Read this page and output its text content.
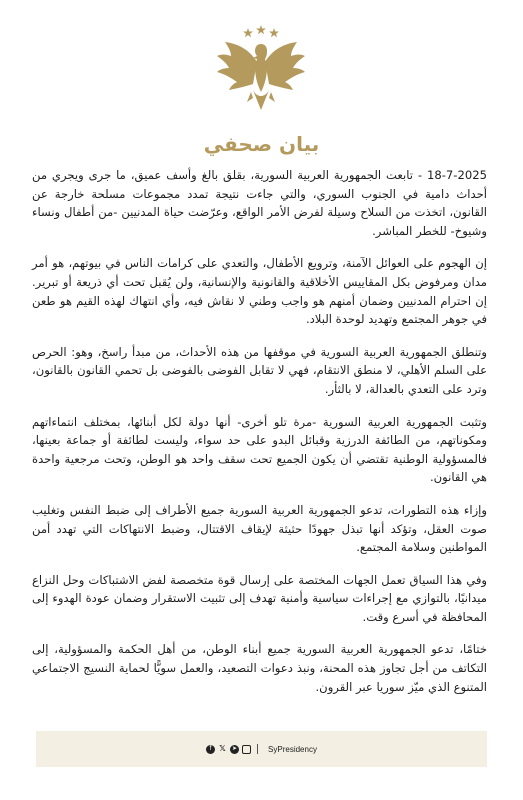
بيان صحفي

18-7-2025 - تابعت الجمهورية العربية السورية، بقلق بالغ وأسف عميق، ما جرى ويجري من أحداث دامية في الجنوب السوري، والتي جاءت نتيجة تمدد مجموعات مسلحة خارجة عن القانون، اتخذت من السلاح وسيلة لفرض الأمر الواقع، وعرّضت حياة المدنيين -من أطفال ونساء وشيوخ- للخطر المباشر.

إن الهجوم على العوائل الآمنة، وترويع الأطفال، والتعدي على كرامات الناس في بيوتهم، هو أمر مدان ومرفوض بكل المقاييس الأخلاقية والقانونية والإنسانية، ولن يُقبل تحت أي ذريعة أو تبرير. إن احترام المدنيين وضمان أمنهم هو واجب وطني لا نقاش فيه، وأي انتهاك لهذه القيم هو طعن في جوهر المجتمع وتهديد لوحدة البلاد.

وتنطلق الجمهورية العربية السورية في موقفها من هذه الأحداث، من مبدأ راسخ، وهو: الحرص على السلم الأهلي، لا منطق الانتقام، فهي لا تقابل الفوضى بالفوضى بل تحمي القانون بالقانون، وترد على التعدي بالعدالة، لا بالثأر.

وتثبت الجمهورية العربية السورية -مرة تلو أخرى- أنها دولة لكل أبنائها، بمختلف انتماءاتهم ومكوناتهم، من الطائفة الدرزية وقبائل البدو على حد سواء، وليست لطائفة أو جماعة بعينها، فالمسؤولية الوطنية تقتضي أن يكون الجميع تحت سقف واحد هو الوطن، وتحت مرجعية واحدة هي القانون.

وإزاء هذه التطورات، تدعو الجمهورية العربية السورية جميع الأطراف إلى ضبط النفس وتغليب صوت العقل، وتؤكد أنها تبذل جهودًا حثيثة لإيقاف الاقتتال، وضبط الانتهاكات التي تهدد أمن المواطنين وسلامة المجتمع.

وفي هذا السياق تعمل الجهات المختصة على إرسال قوة متخصصة لفض الاشتباكات وحل النزاع ميدانيًا، بالتوازي مع إجراءات سياسية وأمنية تهدف إلى تثبيت الاستقرار وضمان عودة الهدوء إلى المحافظة في أسرع وقت.

ختامًا، تدعو الجمهورية العربية السورية جميع أبناء الوطن، من أهل الحكمة والمسؤولية، إلى التكاتف من أجل تجاوز هذه المحنة، ونبذ دعوات التصعيد، والعمل سويًّا لحماية النسيج الاجتماعي المتنوع الذي ميّز سوريا عبر القرون.

f 𝕏	➤	SyPresidency
